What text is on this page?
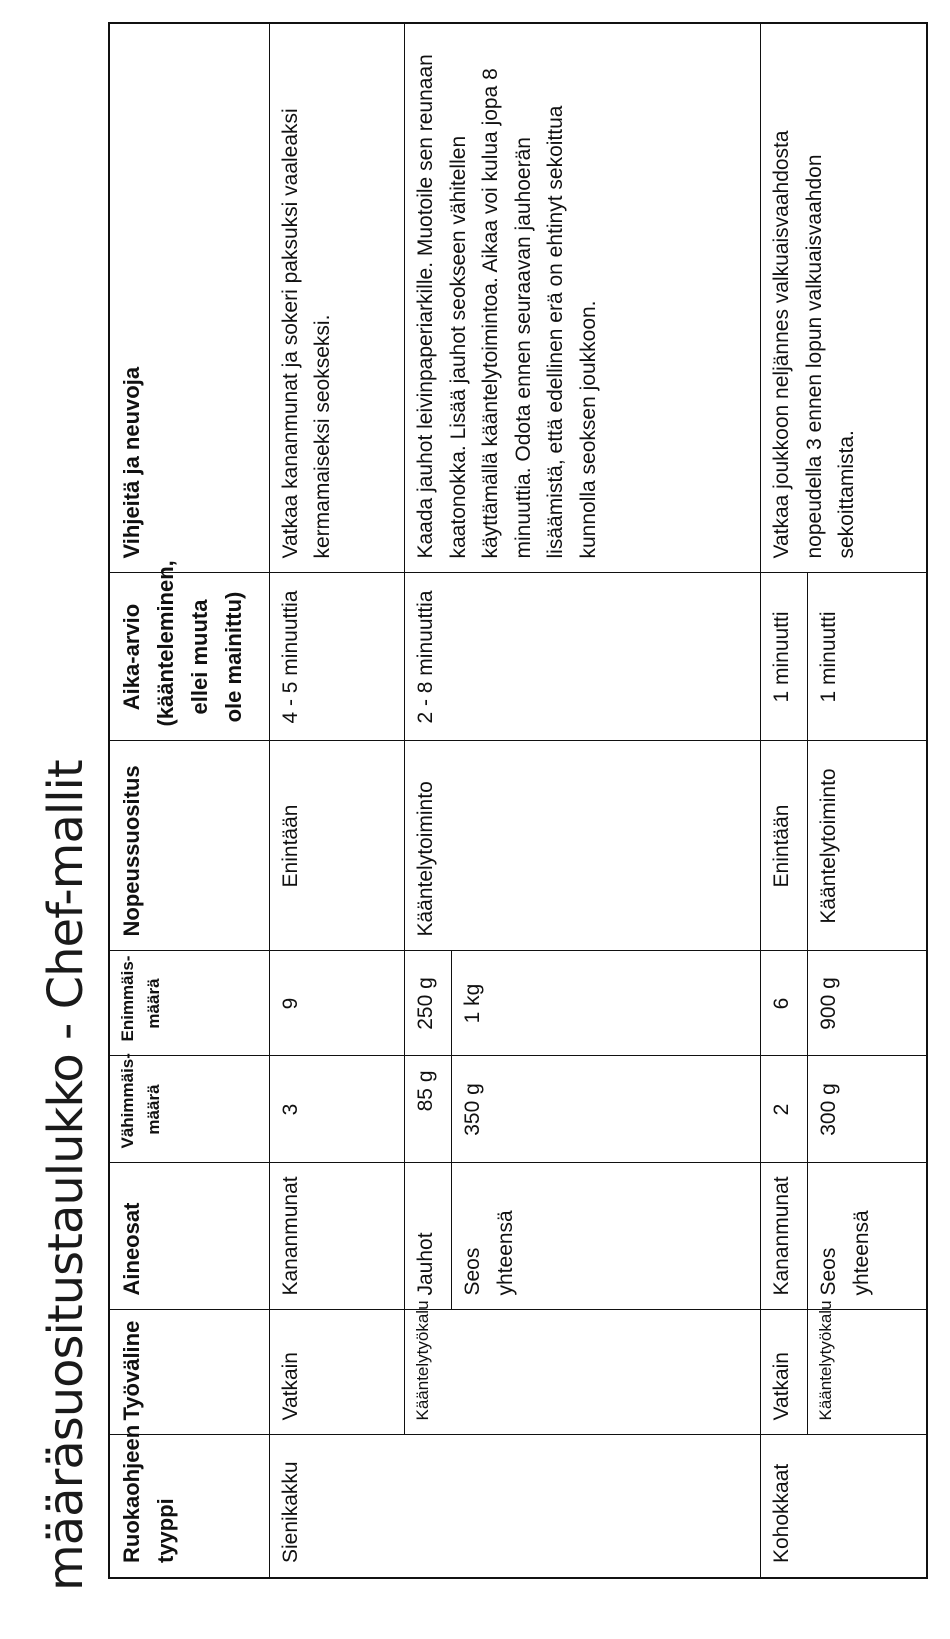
määräsuositustaulukko - Chef-mallit Ruokaohjeen tyyppi	Työväline	Aineosat	Vähimmäis-määrä	Enimmäis-määrä	Nopeussuositus	Aika-arvio (käänteleminen, ellei muuta ole mainittu)	Vihjeitä ja neuvoja
Sienikakku	Vatkain	Kananmunat	3	9	Enintään	4 - 5 minuuttia	Vatkaa kananmunat ja sokeri paksuksi vaaleaksi kermamaiseksi seokseksi.
	Kääntelytyökalu	Jauhot	85 g	250 g	Kääntelytoiminto	2 - 8 minuuttia	Kaada jauhot leivinpaperiarkille. Muotoile sen reunaan kaatonokka. Lisää jauhot seokseen vähitellen käyttämällä kääntelytoimintoa. Aikaa voi kulua jopa 8 minuuttia. Odota ennen seuraavan jauhoerän lisäämistä, että edellinen erä on ehtinyt sekoittua kunnolla seoksen joukkoon.
		Seos yhteensä	350 g	1 kg			
Kohokkaat	Vatkain	Kananmunat	2	6	Enintään	1 minuutti	Vatkaa joukkoon neljännes valkuaisvaahdosta nopeudella 3 ennen lopun valkuaisvaahdon sekoittamista.
	Kääntelytyökalu	Seos yhteensä	300 g	900 g	Kääntelytoiminto	1 minuutti	
